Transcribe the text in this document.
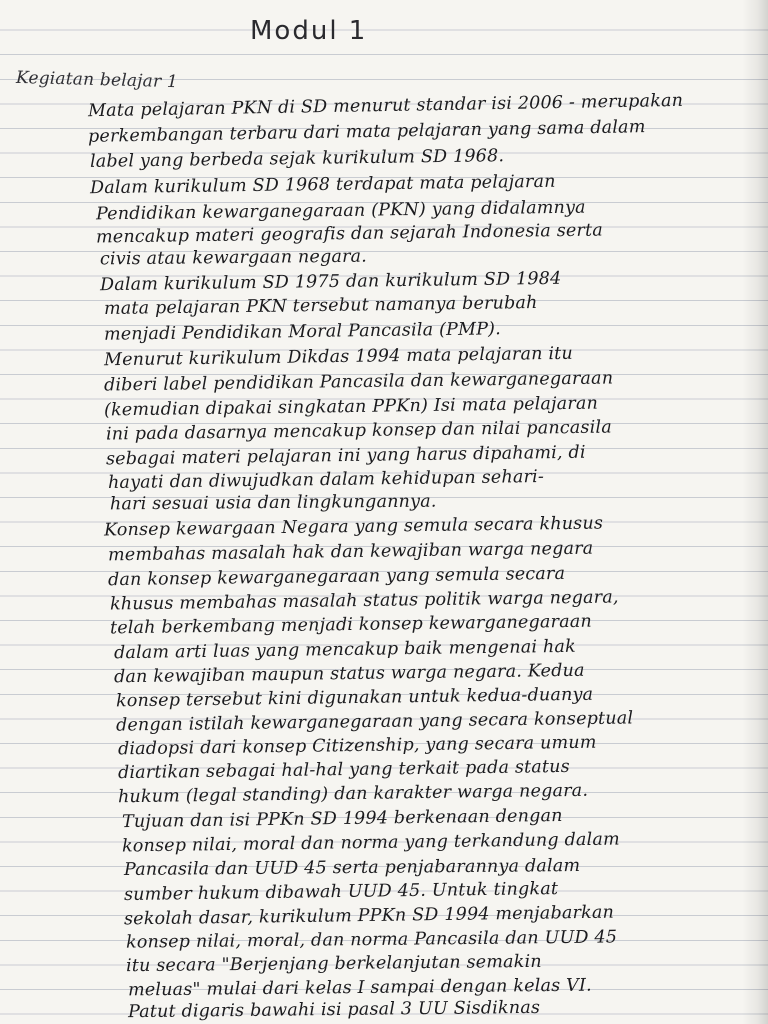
Modul 1
Kegiatan belajar 1
Mata pelajaran PKN di SD menurut standar isi 2006 - merupakan
perkembangan terbaru dari mata pelajaran yang sama dalam
label yang berbeda sejak kurikulum SD 1968.
Dalam kurikulum SD 1968 terdapat mata pelajaran
Pendidikan kewarganegaraan (PKN) yang didalamnya
mencakup materi geografis dan sejarah Indonesia serta
civis atau kewargaan negara.
Dalam kurikulum SD 1975 dan kurikulum SD 1984
mata pelajaran PKN tersebut namanya berubah
menjadi Pendidikan Moral Pancasila (PMP).
Menurut kurikulum Dikdas 1994 mata pelajaran itu
diberi label pendidikan Pancasila dan kewarganegaraan
(kemudian dipakai singkatan PPKn) Isi mata pelajaran
ini pada dasarnya mencakup konsep dan nilai pancasila
sebagai materi pelajaran ini yang harus dipahami, di
hayati dan diwujudkan dalam kehidupan sehari-
hari sesuai usia dan lingkungannya.
Konsep kewargaan Negara yang semula secara khusus
membahas masalah hak dan kewajiban warga negara
dan konsep kewarganegaraan yang semula secara
khusus membahas masalah status politik warga negara,
telah berkembang menjadi konsep kewarganegaraan
dalam arti luas yang mencakup baik mengenai hak
dan kewajiban maupun status warga negara. Kedua
konsep tersebut kini digunakan untuk kedua-duanya
dengan istilah kewarganegaraan yang secara konseptual
diadopsi dari konsep Citizenship, yang secara umum
diartikan sebagai hal-hal yang terkait pada status
hukum (legal standing) dan karakter warga negara.
Tujuan dan isi PPKn SD 1994 berkenaan dengan
konsep nilai, moral dan norma yang terkandung dalam
Pancasila dan UUD 45 serta penjabarannya dalam
sumber hukum dibawah UUD 45. Untuk tingkat
sekolah dasar, kurikulum PPKn SD 1994 menjabarkan
konsep nilai, moral, dan norma Pancasila dan UUD 45
itu secara "Berjenjang berkelanjutan semakin
meluas" mulai dari kelas I sampai dengan kelas VI.
Patut digaris bawahi isi pasal 3 UU Sisdiknas
